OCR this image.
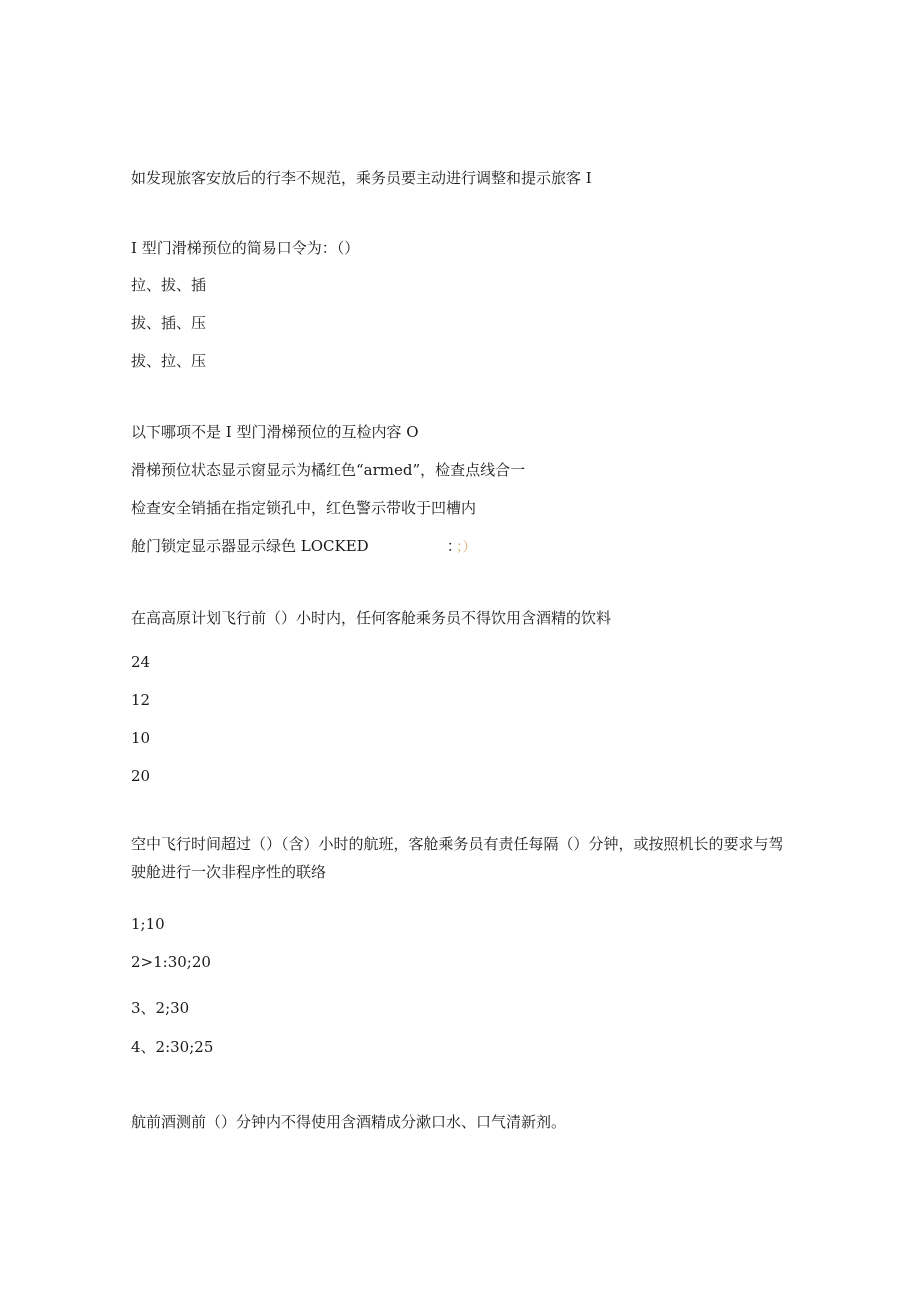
如发现旅客安放后的行李不规范，乘务员要主动进行调整和提示旅客 I
I 型门滑梯预位的简易口令为：（）
拉、拔、插
拔、插、压
拔、拉、压
以下哪项不是 I 型门滑梯预位的互检内容 O
滑梯预位状态显示窗显示为橘红色“armed”，检查点线合一
检查安全销插在指定锁孔中，红色警示带收于凹槽内
舱门锁定显示器显示绿色 LOCKED	： ；）
在高高原计划飞行前（）小时内，任何客舱乘务员不得饮用含酒精的饮料
24
12
10
20
空中飞行时间超过（）（含）小时的航班，客舱乘务员有责任每隔（）分钟，或按照机长的要求与驾驶舱进行一次非程序性的联络
1;10
2>1:30;20
3、2;30
4、2:30;25
航前酒测前（）分钟内不得使用含酒精成分漱口水、口气清新剂。
